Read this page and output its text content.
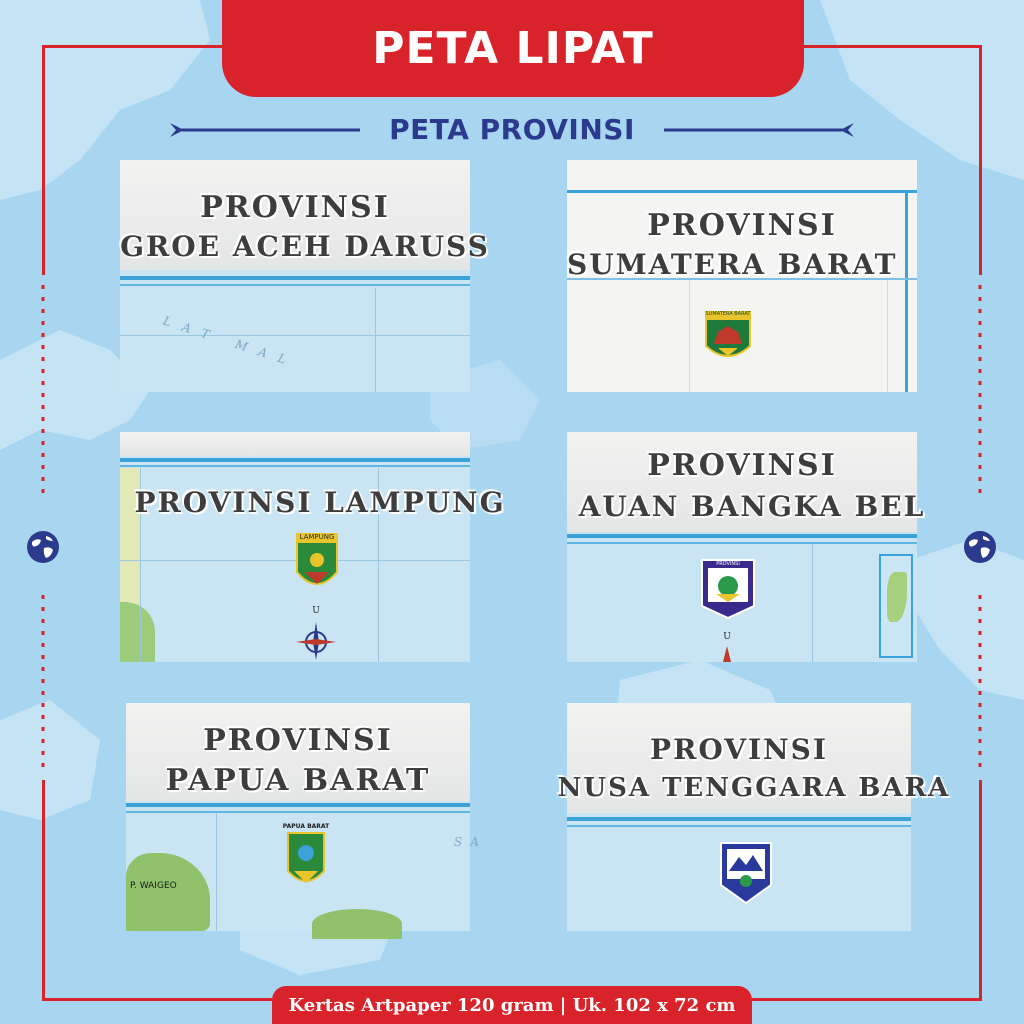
PETA LIPAT
PETA PROVINSI
PROVINSI
GROE ACEH DARUSS
LAT MAL
PROVINSI
SUMATERA BARAT
SUMATERA BARAT
PROVINSI LAMPUNG
LAMPUNG
U
PROVINSI
AUAN BANGKA BEL
PROVINSI
U
PROVINSI
PAPUA BARAT
P. WAIGEO
SA
PAPUA BARAT
PROVINSI
NUSA TENGGARA BARA
Kertas Artpaper 120 gram | Uk. 102 x 72 cm
